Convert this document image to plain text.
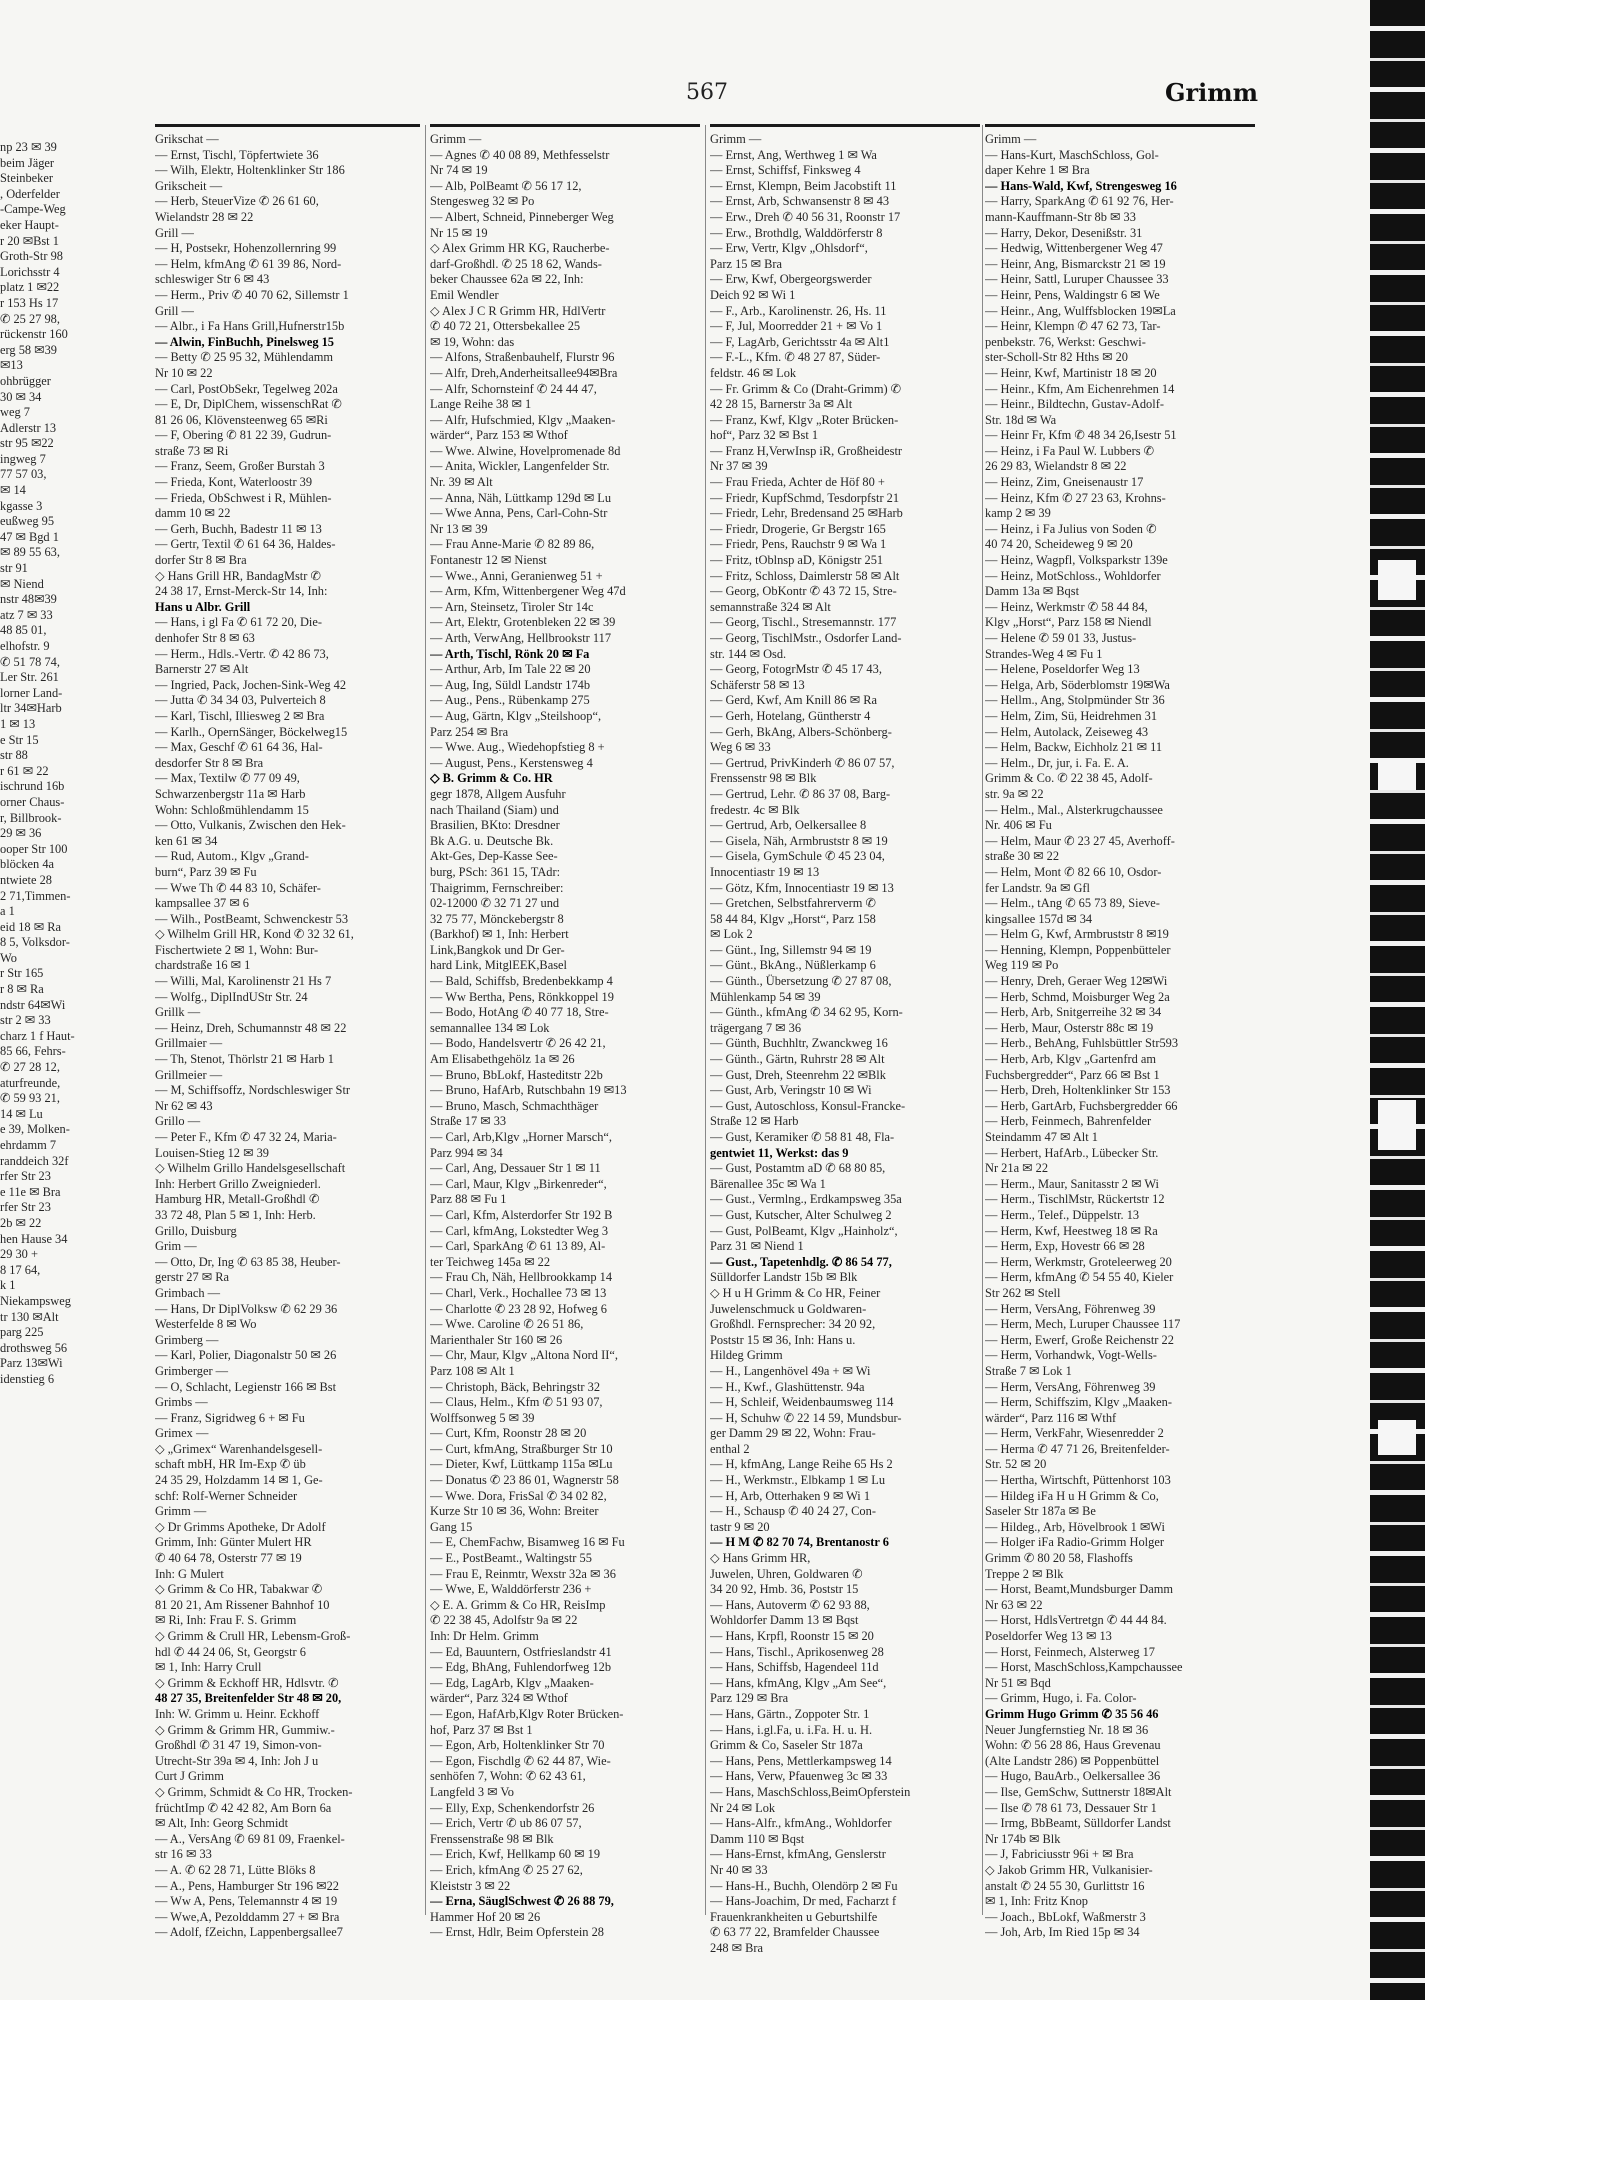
567	Grimm
np 23 ✉ 39
beim Jäger
Steinbeker
, Oderfelder
-Campe-Weg
eker Haupt-
r 20 ✉Bst 1
Groth-Str 98
Lorichsstr 4
platz 1 ✉22
r 153 Hs 17
✆ 25 27 98,
rückenstr 160
erg 58 ✉39
✉13
ohbrügger
30 ✉ 34
weg 7
Adlerstr 13
str 95 ✉22
ingweg 7
77 57 03,
✉ 14
kgasse 3
eußweg 95
47 ✉ Bgd 1
✉ 89 55 63,
str 91
✉ Niend
nstr 48✉39
atz 7 ✉ 33
48 85 01,
elhofstr. 9
✆ 51 78 74,
Ler Str. 261
lorner Land-
ltr 34✉Harb
1 ✉ 13
e Str 15
str 88
r 61 ✉ 22
ischrund 16b
orner Chaus-
r, Billbrook-
29 ✉ 36
ooper Str 100
blöcken 4a
ntwiete 28
2 71,Timmen-
a 1
eid 18 ✉ Ra
8 5, Volksdor-
Wo
r Str 165
r 8 ✉ Ra
ndstr 64✉Wi
str 2 ✉ 33
charz 1 f Haut-
85 66, Fehrs-
✆ 27 28 12,
aturfreunde,
✆ 59 93 21,
14 ✉ Lu
e 39, Molken-
ehrdamm 7
randdeich 32f
rfer Str 23
e 11e ✉ Bra
rfer Str 23
2b ✉ 22
hen Hause 34
29 30 +
8 17 64,
k 1
Niekampsweg
tr 130 ✉Alt
parg 225
drothsweg 56
Parz 13✉Wi
idenstieg 6
Grikschat —
— Ernst, Tischl, Töpfertwiete 36
— Wilh, Elektr, Holtenklinker Str 186
Grikscheit —
— Herb, SteuerVize ✆ 26 61 60,
Wielandstr 28 ✉ 22
Grill —
— H, Postsekr, Hohenzollernring 99
— Helm, kfmAng ✆ 61 39 86, Nord-
schleswiger Str 6 ✉ 43
— Herm., Priv ✆ 40 70 62, Sillemstr 1
Grill —
— Albr., i Fa Hans Grill,Hufnerstr15b
— Alwin, FinBuchh, Pinelsweg 15
— Betty ✆ 25 95 32, Mühlendamm
Nr 10 ✉ 22
— Carl, PostObSekr, Tegelweg 202a
— E, Dr, DiplChem, wissenschRat ✆
81 26 06, Klövensteenweg 65 ✉Ri
— F, Obering ✆ 81 22 39, Gudrun-
straße 73 ✉ Ri
— Franz, Seem, Großer Burstah 3
— Frieda, Kont, Waterloostr 39
— Frieda, ObSchwest i R, Mühlen-
damm 10 ✉ 22
— Gerh, Buchh, Badestr 11 ✉ 13
— Gertr, Textil ✆ 61 64 36, Haldes-
dorfer Str 8 ✉ Bra
◇ Hans Grill HR, BandagMstr ✆
24 38 17, Ernst-Merck-Str 14, Inh:
Hans u Albr. Grill
— Hans, i gl Fa ✆ 61 72 20, Die-
denhofer Str 8 ✉ 63
— Herm., Hdls.-Vertr. ✆ 42 86 73,
Barnerstr 27 ✉ Alt
— Ingried, Pack, Jochen-Sink-Weg 42
— Jutta ✆ 34 34 03, Pulverteich 8
— Karl, Tischl, Illiesweg 2 ✉ Bra
— Karlh., OpernSänger, Böckelweg15
— Max, Geschf ✆ 61 64 36, Hal-
desdorfer Str 8 ✉ Bra
— Max, Textilw ✆ 77 09 49,
Schwarzenbergstr 11a ✉ Harb
Wohn: Schloßmühlendamm 15
— Otto, Vulkanis, Zwischen den Hek-
ken 61 ✉ 34
— Rud, Autom., Klgv „Grand-
burn“, Parz 39 ✉ Fu
— Wwe Th ✆ 44 83 10, Schäfer-
kampsallee 37 ✉ 6
— Wilh., PostBeamt, Schwenckestr 53
◇ Wilhelm Grill HR, Kond ✆ 32 32 61,
Fischertwiete 2 ✉ 1, Wohn: Bur-
chardstraße 16 ✉ 1
— Willi, Mal, Karolinenstr 21 Hs 7
— Wolfg., DiplIndUStr Str. 24
Grillk —
— Heinz, Dreh, Schumannstr 48 ✉ 22
Grillmaier —
— Th, Stenot, Thörlstr 21 ✉ Harb 1
Grillmeier —
— M, Schiffsoffz, Nordschleswiger Str
Nr 62 ✉ 43
Grillo —
— Peter F., Kfm ✆ 47 32 24, Maria-
Louisen-Stieg 12 ✉ 39
◇ Wilhelm Grillo Handelsgesellschaft
Inh: Herbert Grillo Zweigniederl.
Hamburg HR, Metall-Großhdl ✆
33 72 48, Plan 5 ✉ 1, Inh: Herb.
Grillo, Duisburg
Grim —
— Otto, Dr, Ing ✆ 63 85 38, Heuber-
gerstr 27 ✉ Ra
Grimbach —
— Hans, Dr DiplVolksw ✆ 62 29 36
Westerfelde 8 ✉ Wo
Grimberg —
— Karl, Polier, Diagonalstr 50 ✉ 26
Grimberger —
— O, Schlacht, Legienstr 166 ✉ Bst
Grimbs —
— Franz, Sigridweg 6 + ✉ Fu
Grimex —
◇ „Grimex“ Warenhandelsgesell-
schaft mbH, HR Im-Exp ✆ üb
24 35 29, Holzdamm 14 ✉ 1, Ge-
schf: Rolf-Werner Schneider
Grimm —
◇ Dr Grimms Apotheke, Dr Adolf
Grimm, Inh: Günter Mulert HR
✆ 40 64 78, Osterstr 77 ✉ 19
Inh: G Mulert
◇ Grimm & Co HR, Tabakwar ✆
81 20 21, Am Rissener Bahnhof 10
✉ Ri, Inh: Frau F. S. Grimm
◇ Grimm & Crull HR, Lebensm-Groß-
hdl ✆ 44 24 06, St, Georgstr 6
✉ 1, Inh: Harry Crull
◇ Grimm & Eckhoff HR, Hdlsvtr. ✆
48 27 35, Breitenfelder Str 48 ✉ 20,
Inh: W. Grimm u. Heinr. Eckhoff
◇ Grimm & Grimm HR, Gummiw.-
Großhdl ✆ 31 47 19, Simon-von-
Utrecht-Str 39a ✉ 4, Inh: Joh J u
Curt J Grimm
◇ Grimm, Schmidt & Co HR, Trocken-
früchtImp ✆ 42 42 82, Am Born 6a
✉ Alt, Inh: Georg Schmidt
— A., VersAng ✆ 69 81 09, Fraenkel-
str 16 ✉ 33
— A. ✆ 62 28 71, Lütte Blöks 8
— A., Pens, Hamburger Str 196 ✉22
— Ww A, Pens, Telemannstr 4 ✉ 19
— Wwe,A, Pezolddamm 27 + ✉ Bra
— Adolf, fZeichn, Lappenbergsallee7
Grimm —
— Agnes ✆ 40 08 89, Methfesselstr
Nr 74 ✉ 19
— Alb, PolBeamt ✆ 56 17 12,
Stengesweg 32 ✉ Po
— Albert, Schneid, Pinneberger Weg
Nr 15 ✉ 19
◇ Alex Grimm HR KG, Raucherbe-
darf-Großhdl. ✆ 25 18 62, Wands-
beker Chaussee 62a ✉ 22, Inh:
Emil Wendler
◇ Alex J C R Grimm HR, HdlVertr
✆ 40 72 21, Ottersbekallee 25
✉ 19, Wohn: das
— Alfons, Straßenbauhelf, Flurstr 96
— Alfr, Dreh,Anderheitsallee94✉Bra
— Alfr, Schornsteinf ✆ 24 44 47,
Lange Reihe 38 ✉ 1
— Alfr, Hufschmied, Klgv „Maaken-
wärder“, Parz 153 ✉ Wthof
— Wwe. Alwine, Hovelpromenade 8d
— Anita, Wickler, Langenfelder Str.
Nr. 39 ✉ Alt
— Anna, Näh, Lüttkamp 129d ✉ Lu
— Wwe Anna, Pens, Carl-Cohn-Str
Nr 13 ✉ 39
— Frau Anne-Marie ✆ 82 89 86,
Fontanestr 12 ✉ Nienst
— Wwe., Anni, Geranienweg 51 +
— Arm, Kfm, Wittenbergener Weg 47d
— Arn, Steinsetz, Tiroler Str 14c
— Art, Elektr, Grotenbleken 22 ✉ 39
— Arth, VerwAng, Hellbrookstr 117
— Arth, Tischl, Rönk 20 ✉ Fa
— Arthur, Arb, Im Tale 22 ✉ 20
— Aug, Ing, Süldl Landstr 174b
— Aug., Pens., Rübenkamp 275
— Aug, Gärtn, Klgv „Steilshoop“,
Parz 254 ✉ Bra
— Wwe. Aug., Wiedehopfstieg 8 +
— August, Pens., Kerstensweg 4
◇ B. Grimm & Co. HR
gegr 1878, Allgem Ausfuhr
nach Thailand (Siam) und
Brasilien, BKto: Dresdner
Bk A.G. u. Deutsche Bk.
Akt-Ges, Dep-Kasse See-
burg, PSch: 361 15, TAdr:
Thaigrimm, Fernschreiber:
02-12000 ✆ 32 71 27 und
32 75 77, Mönckebergstr 8
(Barkhof) ✉ 1, Inh: Herbert
Link,Bangkok und Dr Ger-
hard Link, MitglEEK,Basel
— Bald, Schiffsb, Bredenbekkamp 4
— Ww Bertha, Pens, Rönkkoppel 19
— Bodo, HotAng ✆ 40 77 18, Stre-
semannallee 134 ✉ Lok
— Bodo, Handelsvertr ✆ 26 42 21,
Am Elisabethgehölz 1a ✉ 26
— Bruno, BbLokf, Hasteditstr 22b
— Bruno, HafArb, Rutschbahn 19 ✉13
— Bruno, Masch, Schmachthäger
Straße 17 ✉ 33
— Carl, Arb,Klgv „Horner Marsch“,
Parz 994 ✉ 34
— Carl, Ang, Dessauer Str 1 ✉ 11
— Carl, Maur, Klgv „Birkenreder“,
Parz 88 ✉ Fu 1
— Carl, Kfm, Alsterdorfer Str 192 B
— Carl, kfmAng, Lokstedter Weg 3
— Carl, SparkAng ✆ 61 13 89, Al-
ter Teichweg 145a ✉ 22
— Frau Ch, Näh, Hellbrookkamp 14
— Charl, Verk., Hochallee 73 ✉ 13
— Charlotte ✆ 23 28 92, Hofweg 6
— Wwe. Caroline ✆ 26 51 86,
Marienthaler Str 160 ✉ 26
— Chr, Maur, Klgv „Altona Nord II“,
Parz 108 ✉ Alt 1
— Christoph, Bäck, Behringstr 32
— Claus, Helm., Kfm ✆ 51 93 07,
Wolffsonweg 5 ✉ 39
— Curt, Kfm, Roonstr 28 ✉ 20
— Curt, kfmAng, Straßburger Str 10
— Dieter, Kwf, Lüttkamp 115a ✉Lu
— Donatus ✆ 23 86 01, Wagnerstr 58
— Wwe. Dora, FrisSal ✆ 34 02 82,
Kurze Str 10 ✉ 36, Wohn: Breiter
Gang 15
— E, ChemFachw, Bisamweg 16 ✉ Fu
— E., PostBeamt., Waltingstr 55
— Frau E, Reinmtr, Wexstr 32a ✉ 36
— Wwe, E, Walddörferstr 236 +
◇ E. A. Grimm & Co HR, ReisImp
✆ 22 38 45, Adolfstr 9a ✉ 22
Inh: Dr Helm. Grimm
— Ed, Bauuntern, Ostfrieslandstr 41
— Edg, BhAng, Fuhlendorfweg 12b
— Edg, LagArb, Klgv „Maaken-
wärder“, Parz 324 ✉ Wthof
— Egon, HafArb,Klgv Roter Brücken-
hof, Parz 37 ✉ Bst 1
— Egon, Arb, Holtenklinker Str 70
— Egon, Fischdlg ✆ 62 44 87, Wie-
senhöfen 7, Wohn: ✆ 62 43 61,
Langfeld 3 ✉ Vo
— Elly, Exp, Schenkendorfstr 26
— Erich, Vertr ✆ ub 86 07 57,
Frenssenstraße 98 ✉ Blk
— Erich, Kwf, Hellkamp 60 ✉ 19
— Erich, kfmAng ✆ 25 27 62,
Kleiststr 3 ✉ 22
— Erna, SäuglSchwest ✆ 26 88 79,
Hammer Hof 20 ✉ 26
— Ernst, Hdlr, Beim Opferstein 28
Grimm —
— Ernst, Ang, Werthweg 1 ✉ Wa
— Ernst, Schiffsf, Finksweg 4
— Ernst, Klempn, Beim Jacobstift 11
— Ernst, Arb, Schwansenstr 8 ✉ 43
— Erw., Dreh ✆ 40 56 31, Roonstr 17
— Erw., Brothdlg, Walddörferstr 8
— Erw, Vertr, Klgv „Ohlsdorf“,
Parz 15 ✉ Bra
— Erw, Kwf, Obergeorgswerder
Deich 92 ✉ Wi 1
— F., Arb., Karolinenstr. 26, Hs. 11
— F, Jul, Moorredder 21 + ✉ Vo 1
— F, LagArb, Gerichtsstr 4a ✉ Alt1
— F.-L., Kfm. ✆ 48 27 87, Süder-
feldstr. 46 ✉ Lok
— Fr. Grimm & Co (Draht-Grimm) ✆
42 28 15, Barnerstr 3a ✉ Alt
— Franz, Kwf, Klgv „Roter Brücken-
hof“, Parz 32 ✉ Bst 1
— Franz H,VerwInsp iR, Großheidestr
Nr 37 ✉ 39
— Frau Frieda, Achter de Höf 80 +
— Friedr, KupfSchmd, Tesdorpfstr 21
— Friedr, Lehr, Bredensand 25 ✉Harb
— Friedr, Drogerie, Gr Bergstr 165
— Friedr, Pens, Rauchstr 9 ✉ Wa 1
— Fritz, tOblnsp aD, Königstr 251
— Fritz, Schloss, Daimlerstr 58 ✉ Alt
— Georg, ObKontr ✆ 43 72 15, Stre-
semannstraße 324 ✉ Alt
— Georg, Tischl., Stresemannstr. 177
— Georg, TischlMstr., Osdorfer Land-
str. 144 ✉ Osd.
— Georg, FotogrMstr ✆ 45 17 43,
Schäferstr 58 ✉ 13
— Gerd, Kwf, Am Knill 86 ✉ Ra
— Gerh, Hotelang, Güntherstr 4
— Gerh, BkAng, Albers-Schönberg-
Weg 6 ✉ 33
— Gertrud, PrivKinderh ✆ 86 07 57,
Frenssenstr 98 ✉ Blk
— Gertrud, Lehr. ✆ 86 37 08, Barg-
fredestr. 4c ✉ Blk
— Gertrud, Arb, Oelkersallee 8
— Gisela, Näh, Armbruststr 8 ✉ 19
— Gisela, GymSchule ✆ 45 23 04,
Innocentiastr 19 ✉ 13
— Götz, Kfm, Innocentiastr 19 ✉ 13
— Gretchen, Selbstfahrerverm ✆
58 44 84, Klgv „Horst“, Parz 158
✉ Lok 2
— Günt., Ing, Sillemstr 94 ✉ 19
— Günt., BkAng., Nüßlerkamp 6
— Günth., Übersetzung ✆ 27 87 08,
Mühlenkamp 54 ✉ 39
— Günth., kfmAng ✆ 34 62 95, Korn-
trägergang 7 ✉ 36
— Günth, Buchhltr, Zwanckweg 16
— Günth., Gärtn, Ruhrstr 28 ✉ Alt
— Gust, Dreh, Steenrehm 22 ✉Blk
— Gust, Arb, Veringstr 10 ✉ Wi
— Gust, Autoschloss, Konsul-Francke-
Straße 12 ✉ Harb
— Gust, Keramiker ✆ 58 81 48, Fla-
gentwiet 11, Werkst: das 9
— Gust, Postamtm aD ✆ 68 80 85,
Bärenallee 35c ✉ Wa 1
— Gust., Vermlng., Erdkampsweg 35a
— Gust, Kutscher, Alter Schulweg 2
— Gust, PolBeamt, Klgv „Hainholz“,
Parz 31 ✉ Niend 1
— Gust., Tapetenhdlg. ✆ 86 54 77,
Sülldorfer Landstr 15b ✉ Blk
◇ H u H Grimm & Co HR, Feiner
Juwelenschmuck u Goldwaren-
Großhdl. Fernsprecher: 34 20 92,
Poststr 15 ✉ 36, Inh: Hans u.
Hildeg Grimm
— H., Langenhövel 49a + ✉ Wi
— H., Kwf., Glashüttenstr. 94a
— H, Schleif, Weidenbaumsweg 114
— H, Schuhw ✆ 22 14 59, Mundsbur-
ger Damm 29 ✉ 22, Wohn: Frau-
enthal 2
— H, kfmAng, Lange Reihe 65 Hs 2
— H., Werkmstr., Elbkamp 1 ✉ Lu
— H, Arb, Otterhaken 9 ✉ Wi 1
— H., Schausp ✆ 40 24 27, Con-
tastr 9 ✉ 20
— H M ✆ 82 70 74, Brentanostr 6
◇ Hans Grimm HR,
Juwelen, Uhren, Goldwaren ✆
34 20 92, Hmb. 36, Poststr 15
— Hans, Autoverm ✆ 62 93 88,
Wohldorfer Damm 13 ✉ Bqst
— Hans, Krpfl, Roonstr 15 ✉ 20
— Hans, Tischl., Aprikosenweg 28
— Hans, Schiffsb, Hagendeel 11d
— Hans, kfmAng, Klgv „Am See“,
Parz 129 ✉ Bra
— Hans, Gärtn., Zoppoter Str. 1
— Hans, i.gl.Fa, u. i.Fa. H. u. H.
Grimm & Co, Saseler Str 187a
— Hans, Pens, Mettlerkampsweg 14
— Hans, Verw, Pfauenweg 3c ✉ 33
— Hans, MaschSchloss,BeimOpferstein
Nr 24 ✉ Lok
— Hans-Alfr., kfmAng., Wohldorfer
Damm 110 ✉ Bqst
— Hans-Ernst, kfmAng, Genslerstr
Nr 40 ✉ 33
— Hans-H., Buchh, Olendörp 2 ✉ Fu
— Hans-Joachim, Dr med, Facharzt f
Frauenkrankheiten u Geburtshilfe
✆ 63 77 22, Bramfelder Chaussee
248 ✉ Bra
Grimm —
— Hans-Kurt, MaschSchloss, Gol-
daper Kehre 1 ✉ Bra
— Hans-Wald, Kwf, Strengesweg 16
— Harry, SparkAng ✆ 61 92 76, Her-
mann-Kauffmann-Str 8b ✉ 33
— Harry, Dekor, Desenißstr. 31
— Hedwig, Wittenbergener Weg 47
— Heinr, Ang, Bismarckstr 21 ✉ 19
— Heinr, Sattl, Luruper Chaussee 33
— Heinr, Pens, Waldingstr 6 ✉ We
— Heinr., Ang, Wulffsblocken 19✉La
— Heinr, Klempn ✆ 47 62 73, Tar-
penbekstr. 76, Werkst: Geschwi-
ster-Scholl-Str 82 Hths ✉ 20
— Heinr, Kwf, Martinistr 18 ✉ 20
— Heinr., Kfm, Am Eichenrehmen 14
— Heinr., Bildtechn, Gustav-Adolf-
Str. 18d ✉ Wa
— Heinr Fr, Kfm ✆ 48 34 26,Isestr 51
— Heinz, i Fa Paul W. Lubbers ✆
26 29 83, Wielandstr 8 ✉ 22
— Heinz, Zim, Gneisenaustr 17
— Heinz, Kfm ✆ 27 23 63, Krohns-
kamp 2 ✉ 39
— Heinz, i Fa Julius von Soden ✆
40 74 20, Scheideweg 9 ✉ 20
— Heinz, Wagpfl, Volksparkstr 139e
— Heinz, MotSchloss., Wohldorfer
Damm 13a ✉ Bqst
— Heinz, Werkmstr ✆ 58 44 84,
Klgv „Horst“, Parz 158 ✉ Niendl
— Helene ✆ 59 01 33, Justus-
Strandes-Weg 4 ✉ Fu 1
— Helene, Poseldorfer Weg 13
— Helga, Arb, Söderblomstr 19✉Wa
— Hellm., Ang, Stolpmünder Str 36
— Helm, Zim, Sü, Heidrehmen 31
— Helm, Autolack, Zeiseweg 43
— Helm, Backw, Eichholz 21 ✉ 11
— Helm., Dr, jur, i. Fa. E. A.
Grimm & Co. ✆ 22 38 45, Adolf-
str. 9a ✉ 22
— Helm., Mal., Alsterkrugchaussee
Nr. 406 ✉ Fu
— Helm, Maur ✆ 23 27 45, Averhoff-
straße 30 ✉ 22
— Helm, Mont ✆ 82 66 10, Osdor-
fer Landstr. 9a ✉ Gfl
— Helm., tAng ✆ 65 73 89, Sieve-
kingsallee 157d ✉ 34
— Helm G, Kwf, Armbruststr 8 ✉19
— Henning, Klempn, Poppenbütteler
Weg 119 ✉ Po
— Henry, Dreh, Geraer Weg 12✉Wi
— Herb, Schmd, Moisburger Weg 2a
— Herb, Arb, Snitgerreihe 32 ✉ 34
— Herb, Maur, Osterstr 88c ✉ 19
— Herb., BehAng, Fuhlsbüttler Str593
— Herb, Arb, Klgv „Gartenfrd am
Fuchsbergredder“, Parz 66 ✉ Bst 1
— Herb, Dreh, Holtenklinker Str 153
— Herb, GartArb, Fuchsbergredder 66
— Herb, Feinmech, Bahrenfelder
Steindamm 47 ✉ Alt 1
— Herbert, HafArb., Lübecker Str.
Nr 21a ✉ 22
— Herm., Maur, Sanitasstr 2 ✉ Wi
— Herm., TischlMstr, Rückertstr 12
— Herm., Telef., Düppelstr. 13
— Herm, Kwf, Heestweg 18 ✉ Ra
— Herm, Exp, Hovestr 66 ✉ 28
— Herm, Werkmstr, Groteleerweg 20
— Herm, kfmAng ✆ 54 55 40, Kieler
Str 262 ✉ Stell
— Herm, VersAng, Föhrenweg 39
— Herm, Mech, Luruper Chaussee 117
— Herm, Ewerf, Große Reichenstr 22
— Herm, Vorhandwk, Vogt-Wells-
Straße 7 ✉ Lok 1
— Herm, VersAng, Föhrenweg 39
— Herm, Schiffszim, Klgv „Maaken-
wärder“, Parz 116 ✉ Wthf
— Herm, VerkFahr, Wiesenredder 2
— Herma ✆ 47 71 26, Breitenfelder-
Str. 52 ✉ 20
— Hertha, Wirtschft, Püttenhorst 103
— Hildeg iFa H u H Grimm & Co,
Saseler Str 187a ✉ Be
— Hildeg., Arb, Hövelbrook 1 ✉Wi
— Holger iFa Radio-Grimm Holger
Grimm ✆ 80 20 58, Flashoffs
Treppe 2 ✉ Blk
— Horst, Beamt,Mundsburger Damm
Nr 63 ✉ 22
— Horst, HdlsVertretgn ✆ 44 44 84.
Poseldorfer Weg 13 ✉ 13
— Horst, Feinmech, Alsterweg 17
— Horst, MaschSchloss,Kampchaussee
Nr 51 ✉ Bqd
— Grimm, Hugo, i. Fa. Color-
Grimm Hugo Grimm ✆ 35 56 46
Neuer Jungfernstieg Nr. 18 ✉ 36
Wohn: ✆ 56 28 86, Haus Grevenau
(Alte Landstr 286) ✉ Poppenbüttel
— Hugo, BauArb., Oelkersallee 36
— Ilse, GemSchw, Suttnerstr 18✉Alt
— Ilse ✆ 78 61 73, Dessauer Str 1
— Irmg, BbBeamt, Sülldorfer Landst
Nr 174b ✉ Blk
— J, Fabriciusstr 96i + ✉ Bra
◇ Jakob Grimm HR, Vulkanisier-
anstalt ✆ 24 55 30, Gurlittstr 16
✉ 1, Inh: Fritz Knop
— Joach., BbLokf, Waßmerstr 3
— Joh, Arb, Im Ried 15p ✉ 34
